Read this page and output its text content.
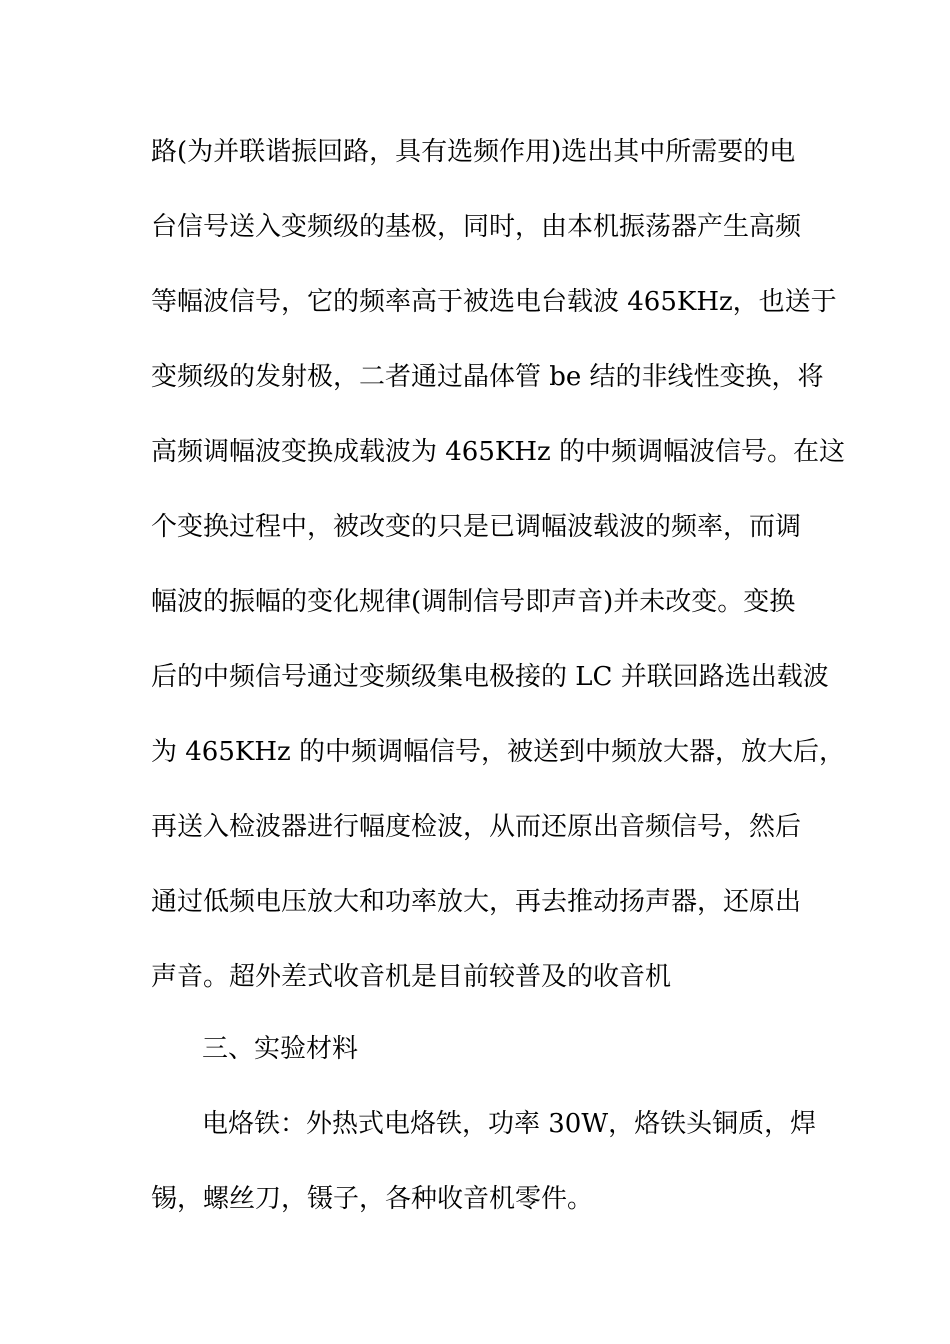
路(为并联谐振回路，具有选频作用)选出其中所需要的电
台信号送入变频级的基极，同时，由本机振荡器产生高频
等幅波信号，它的频率高于被选电台载波 465KHz，也送于
变频级的发射极，二者通过晶体管 be 结的非线性变换，将
高频调幅波变换成载波为 465KHz 的中频调幅波信号。在这
个变换过程中，被改变的只是已调幅波载波的频率，而调
幅波的振幅的变化规律(调制信号即声音)并未改变。变换
后的中频信号通过变频级集电极接的 LC 并联回路选出载波
为 465KHz 的中频调幅信号，被送到中频放大器，放大后，
再送入检波器进行幅度检波，从而还原出音频信号，然后
通过低频电压放大和功率放大，再去推动扬声器，还原出
声音。超外差式收音机是目前较普及的收音机
三、实验材料
电烙铁：外热式电烙铁，功率 30W，烙铁头铜质，焊
锡，螺丝刀，镊子，各种收音机零件。
